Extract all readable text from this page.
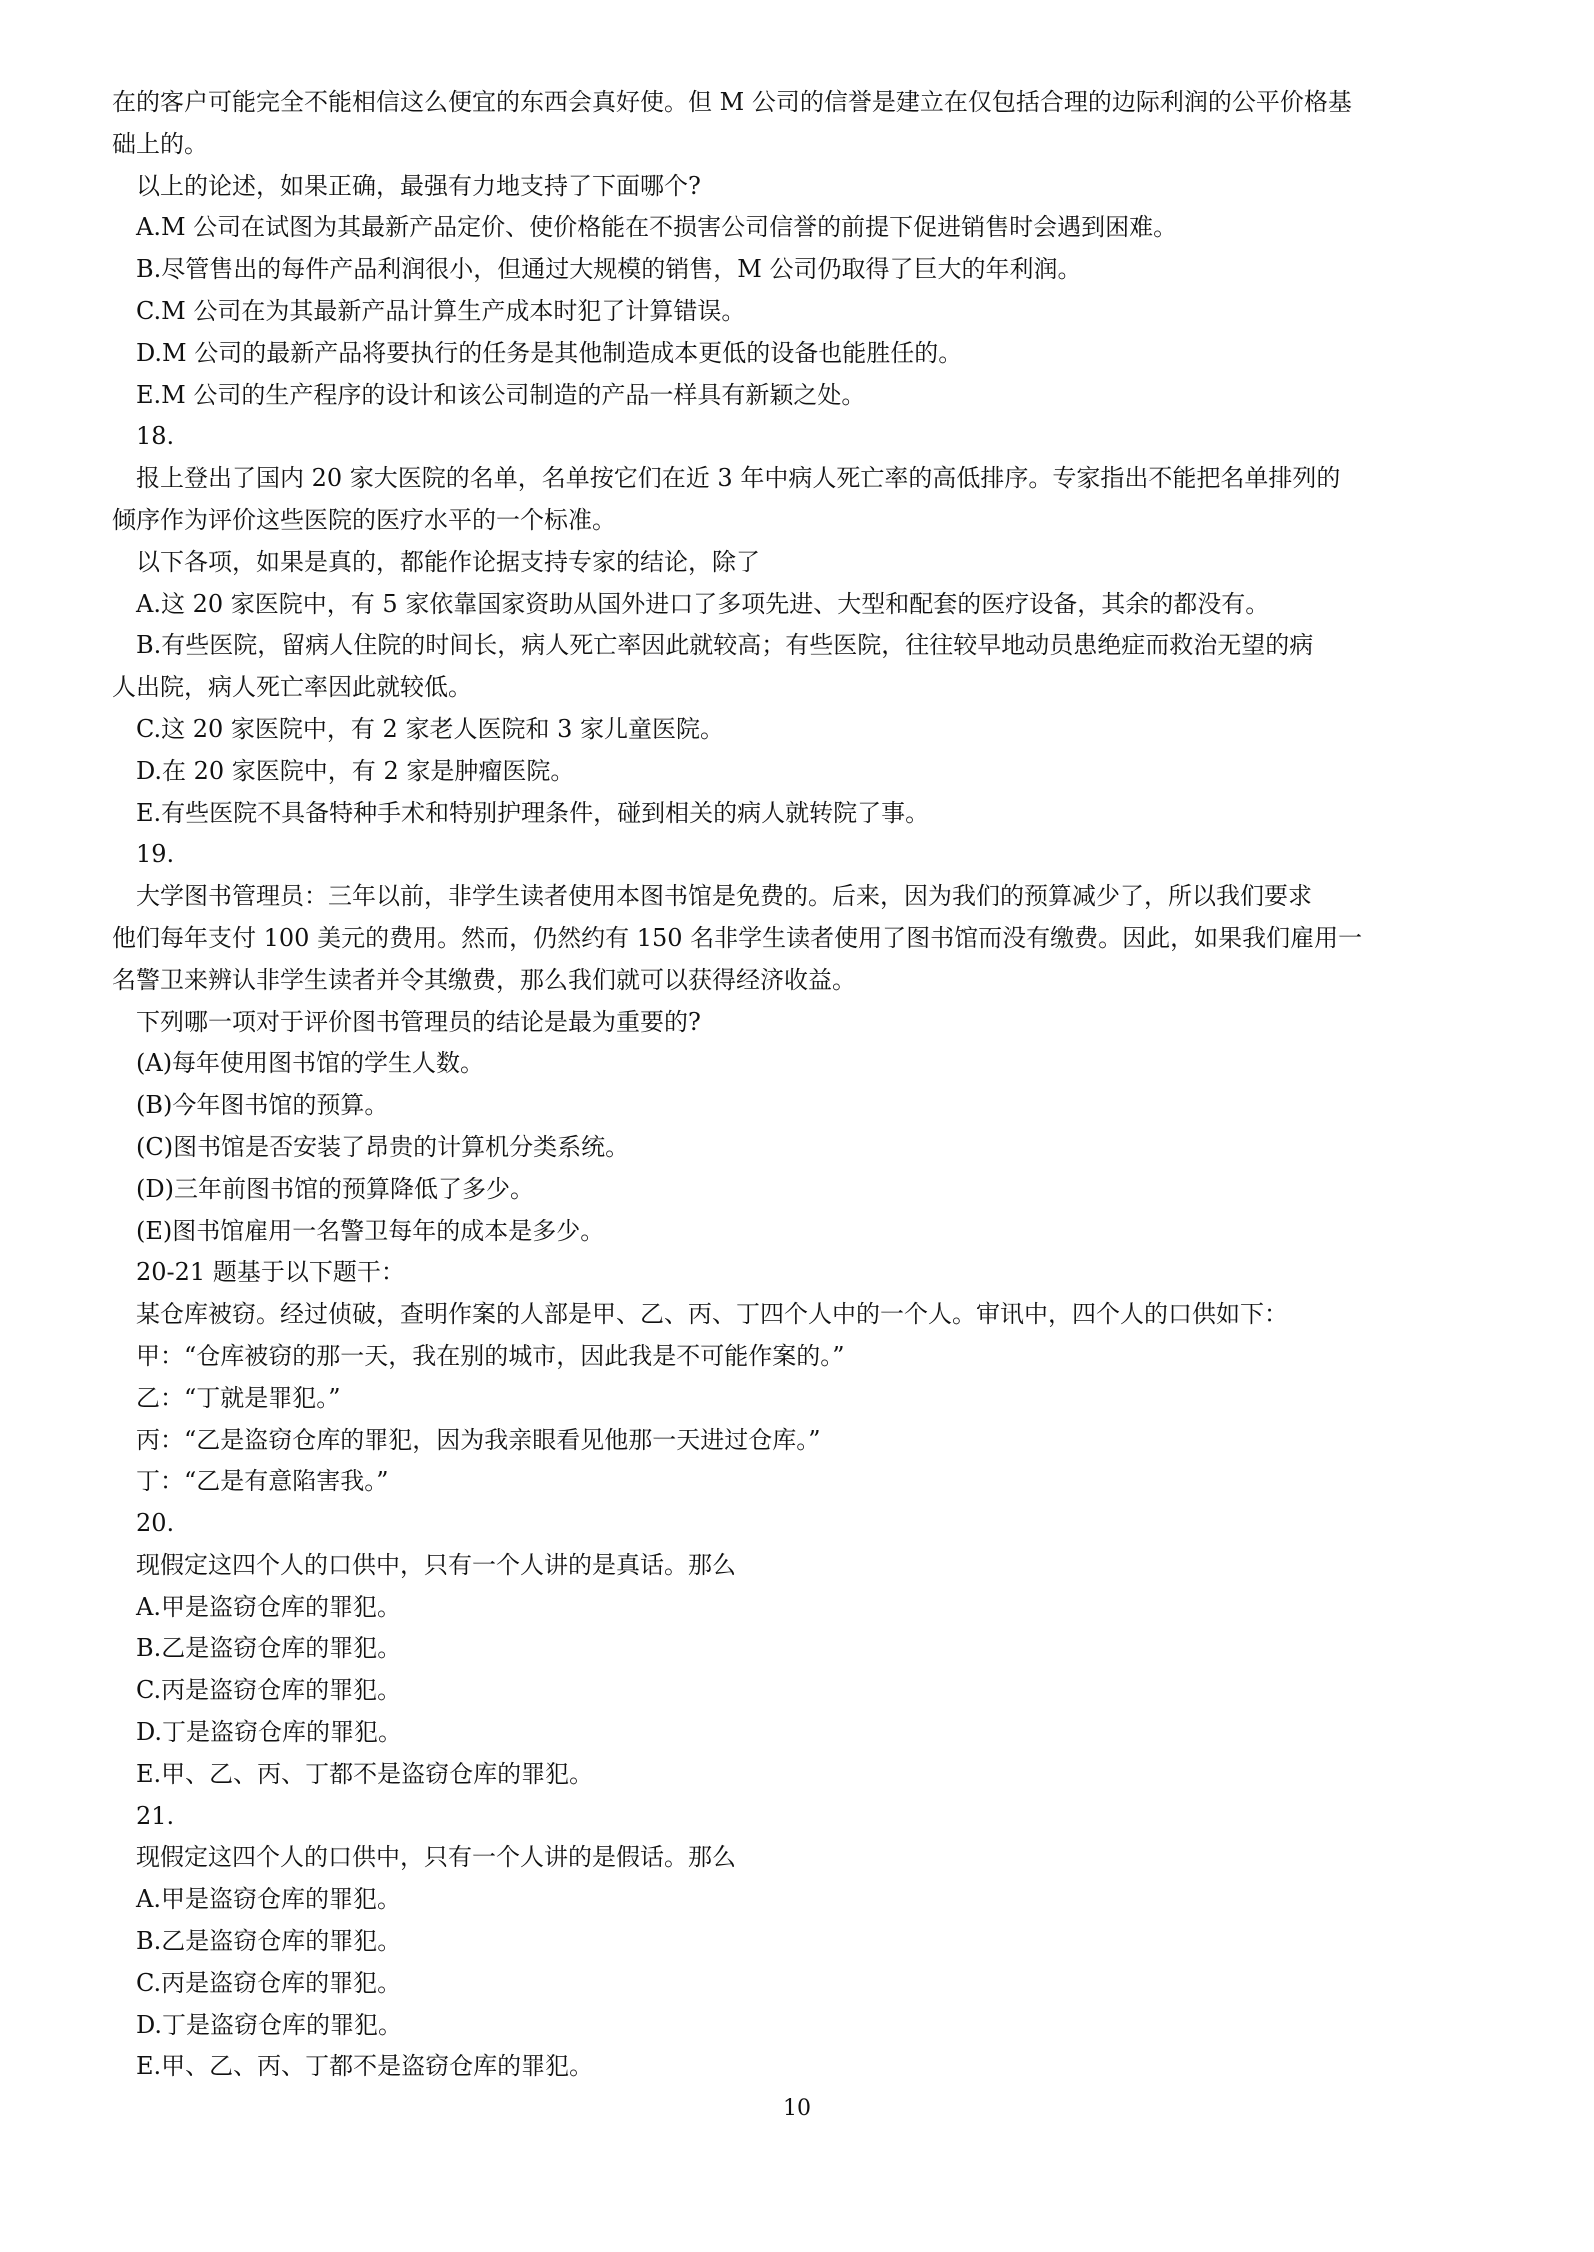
在的客户可能完全不能相信这么便宜的东西会真好使。但 M 公司的信誉是建立在仅包括合理的边际利润的公平价格基
础上的。
以上的论述，如果正确，最强有力地支持了下面哪个?
A.M 公司在试图为其最新产品定价、使价格能在不损害公司信誉的前提下促进销售时会遇到困难。
B.尽管售出的每件产品利润很小，但通过大规模的销售，M 公司仍取得了巨大的年利润。
C.M 公司在为其最新产品计算生产成本时犯了计算错误。
D.M 公司的最新产品将要执行的任务是其他制造成本更低的设备也能胜任的。
E.M 公司的生产程序的设计和该公司制造的产品一样具有新颖之处。
18.
报上登出了国内 20 家大医院的名单，名单按它们在近 3 年中病人死亡率的高低排序。专家指出不能把名单排列的
倾序作为评价这些医院的医疗水平的一个标准。
以下各项，如果是真的，都能作论据支持专家的结论，除了
A.这 20 家医院中，有 5 家依靠国家资助从国外进口了多项先进、大型和配套的医疗设备，其余的都没有。
B.有些医院，留病人住院的时间长，病人死亡率因此就较高；有些医院，往往较早地动员患绝症而救治无望的病
人出院，病人死亡率因此就较低。
C.这 20 家医院中，有 2 家老人医院和 3 家儿童医院。
D.在 20 家医院中，有 2 家是肿瘤医院。
E.有些医院不具备特种手术和特别护理条件，碰到相关的病人就转院了事。
19.
大学图书管理员：三年以前，非学生读者使用本图书馆是免费的。后来，因为我们的预算减少了，所以我们要求
他们每年支付 100 美元的费用。然而，仍然约有 150 名非学生读者使用了图书馆而没有缴费。因此，如果我们雇用一
名警卫来辨认非学生读者并令其缴费，那么我们就可以获得经济收益。
下列哪一项对于评价图书管理员的结论是最为重要的?
(A)每年使用图书馆的学生人数。
(B)今年图书馆的预算。
(C)图书馆是否安装了昂贵的计算机分类系统。
(D)三年前图书馆的预算降低了多少。
(E)图书馆雇用一名警卫每年的成本是多少。
20-21 题基于以下题干：
某仓库被窃。经过侦破，查明作案的人部是甲、乙、丙、丁四个人中的一个人。审讯中，四个人的口供如下：
甲：“仓库被窃的那一天，我在别的城市，因此我是不可能作案的。”
乙：“丁就是罪犯。”
丙：“乙是盗窃仓库的罪犯，因为我亲眼看见他那一天进过仓库。”
丁：“乙是有意陷害我。”
20.
现假定这四个人的口供中，只有一个人讲的是真话。那么
A.甲是盗窃仓库的罪犯。
B.乙是盗窃仓库的罪犯。
C.丙是盗窃仓库的罪犯。
D.丁是盗窃仓库的罪犯。
E.甲、乙、丙、丁都不是盗窃仓库的罪犯。
21.
现假定这四个人的口供中，只有一个人讲的是假话。那么
A.甲是盗窃仓库的罪犯。
B.乙是盗窃仓库的罪犯。
C.丙是盗窃仓库的罪犯。
D.丁是盗窃仓库的罪犯。
E.甲、乙、丙、丁都不是盗窃仓库的罪犯。
10
